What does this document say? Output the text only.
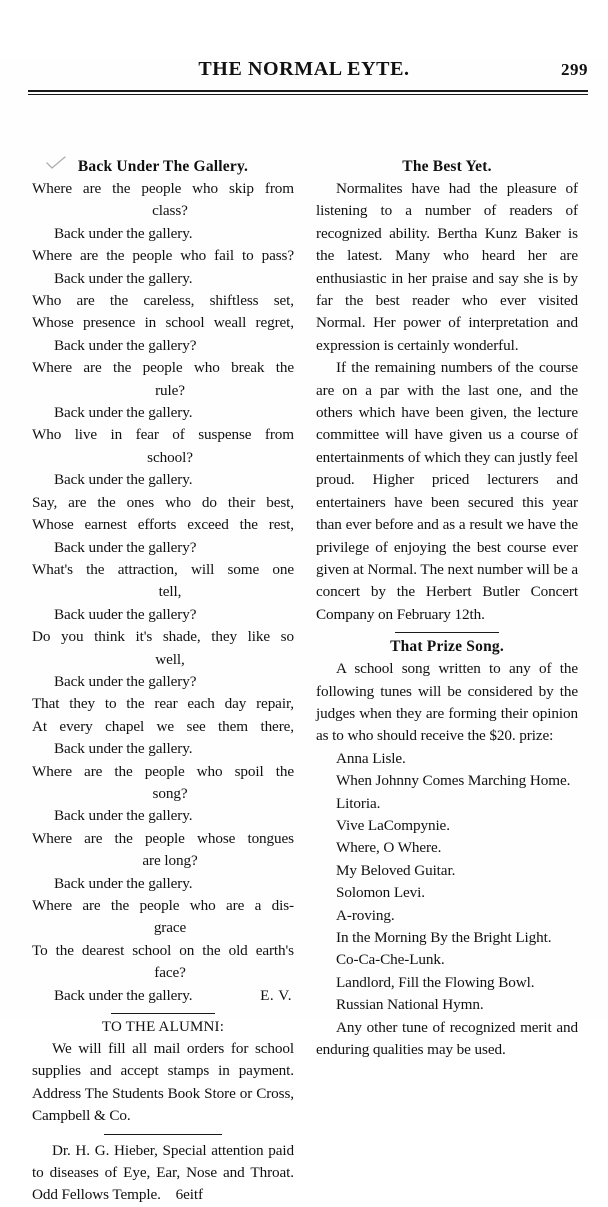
THE NORMAL EYTE.	299
Back Under The Gallery.
Where are the people who skip from
class?
Back under the gallery.
Where are the people who fail to pass?
Back under the gallery.
Who are the careless, shiftless set,
Whose presence in school weall regret,
Back under the gallery?
Where are the people who break the
rule?
Back under the gallery.
Who live in fear of suspense from
school?
Back under the gallery.
Say, are the ones who do their best,
Whose earnest efforts exceed the rest,
Back under the gallery?
What's the attraction, will some one
tell,
Back uuder the gallery?
Do you think it's shade, they like so
well,
Back under the gallery?
That they to the rear each day repair,
At every chapel we see them there,
Back under the gallery.
Where are the people who spoil the
song?
Back under the gallery.
Where are the people whose tongues
are long?
Back under the gallery.
Where are the people who are a dis-
grace
To the dearest school on the old earth's
face?
Back under the gallery.	E. V.
TO THE ALUMNI:

We will fill all mail orders for school supplies and accept stamps in payment. Address The Students Book Store or Cross, Campbell & Co.

Dr. H. G. Hieber, Special attention paid to diseases of Eye, Ear, Nose and Throat. Odd Fellows Temple. 6eitf

The Best Yet.

Normalites have had the pleasure of listening to a number of readers of recognized ability. Bertha Kunz Baker is the latest. Many who heard her are enthusiastic in her praise and say she is by far the best reader who ever visited Normal. Her power of interpretation and expression is certainly wonderful.

If the remaining numbers of the course are on a par with the last one, and the others which have been given, the lecture committee will have given us a course of entertainments of which they can justly feel proud. Higher priced lecturers and entertainers have been secured this year than ever before and as a result we have the privilege of enjoying the best course ever given at Normal. The next number will be a concert by the Herbert Butler Concert Company on February 12th.

That Prize Song.

A school song written to any of the following tunes will be considered by the judges when they are forming their opinion as to who should receive the $20. prize:

Anna Lisle.
When Johnny Comes Marching Home.
Litoria.
Vive LaCompynie.
Where, O Where.
My Beloved Guitar.
Solomon Levi.
A-roving.
In the Morning By the Bright Light.
Co-Ca-Che-Lunk.
Landlord, Fill the Flowing Bowl.
Russian National Hymn.

Any other tune of recognized merit and enduring qualities may be used.
